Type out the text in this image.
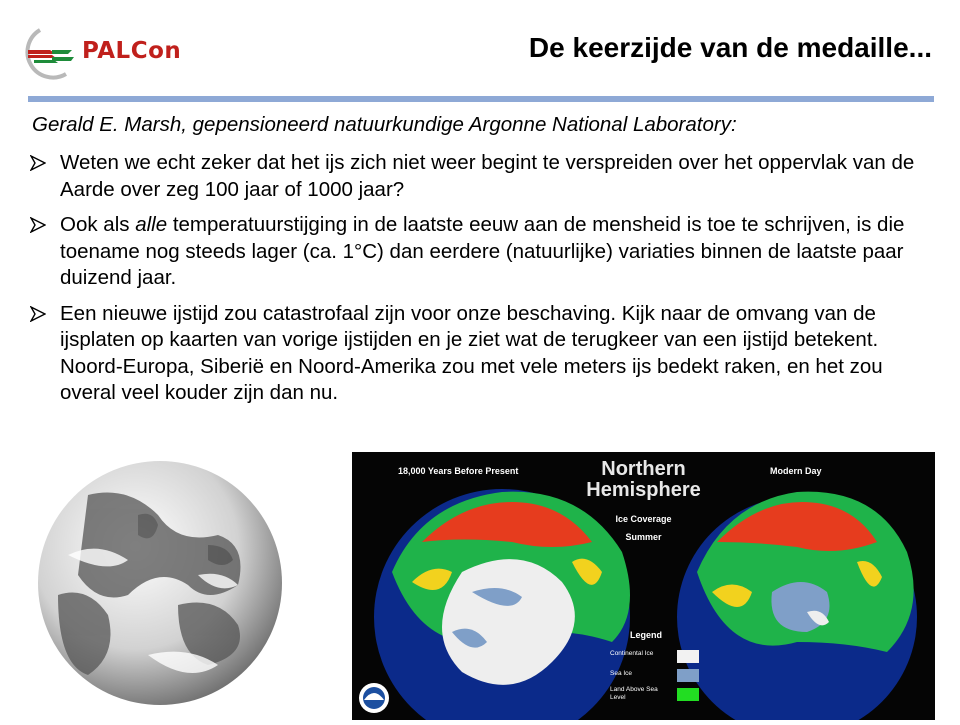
PALCon	De keerzijde van de medaille...
Gerald E. Marsh, gepensioneerd natuurkundige Argonne National Laboratory:
Weten we echt zeker dat het ijs zich niet weer begint te verspreiden over het oppervlak van de Aarde over zeg 100 jaar of 1000 jaar?
Ook als alle temperatuurstijging in de laatste eeuw aan de mensheid is toe te schrijven, is die toename nog steeds lager (ca. 1°C) dan eerdere (natuurlijke) variaties binnen de laatste paar duizend jaar.
Een nieuwe ijstijd zou catastrofaal zijn voor onze beschaving. Kijk naar de omvang van de ijsplaten op kaarten van vorige ijstijden en je ziet wat de terugkeer van een ijstijd betekent. Noord-Europa, Siberië en Noord-Amerika zou met vele meters ijs bedekt raken, en het zou overal veel kouder zijn dan nu.
18,000 Years Before Present	Modern Day
Northern
Hemisphere
Ice Coverage
Summer
Legend
Continental Ice
Sea Ice
Land Above Sea Level
